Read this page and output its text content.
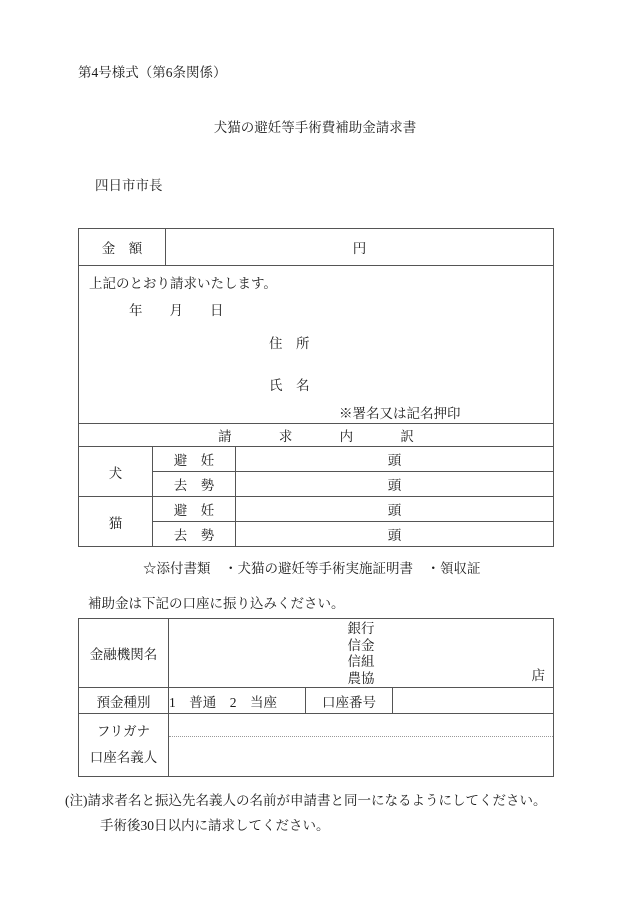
第4号様式（第6条関係）
犬猫の避妊等手術費補助金請求書
四日市市長
金　額		円	

上記のとおり請求いたします。
年　　月　　日
住　所
氏　名
※署名又は記名押印			

請　求　内　訳			
犬	避　妊		頭
	去　勢		頭
猫	避　妊		頭
	去　勢		頭
☆添付書類　・犬猫の避妊等手術実施証明書　・領収証
補助金は下記の口座に振り込みください。
金融機関名	銀行
信金
信組
農協 店		

預金種別	1　普通　2　当座	口座番号	

フリガナ
口座名義人			

(注)請求者名と振込先名義人の名前が申請書と同一になるようにしてください。
手術後30日以内に請求してください。
